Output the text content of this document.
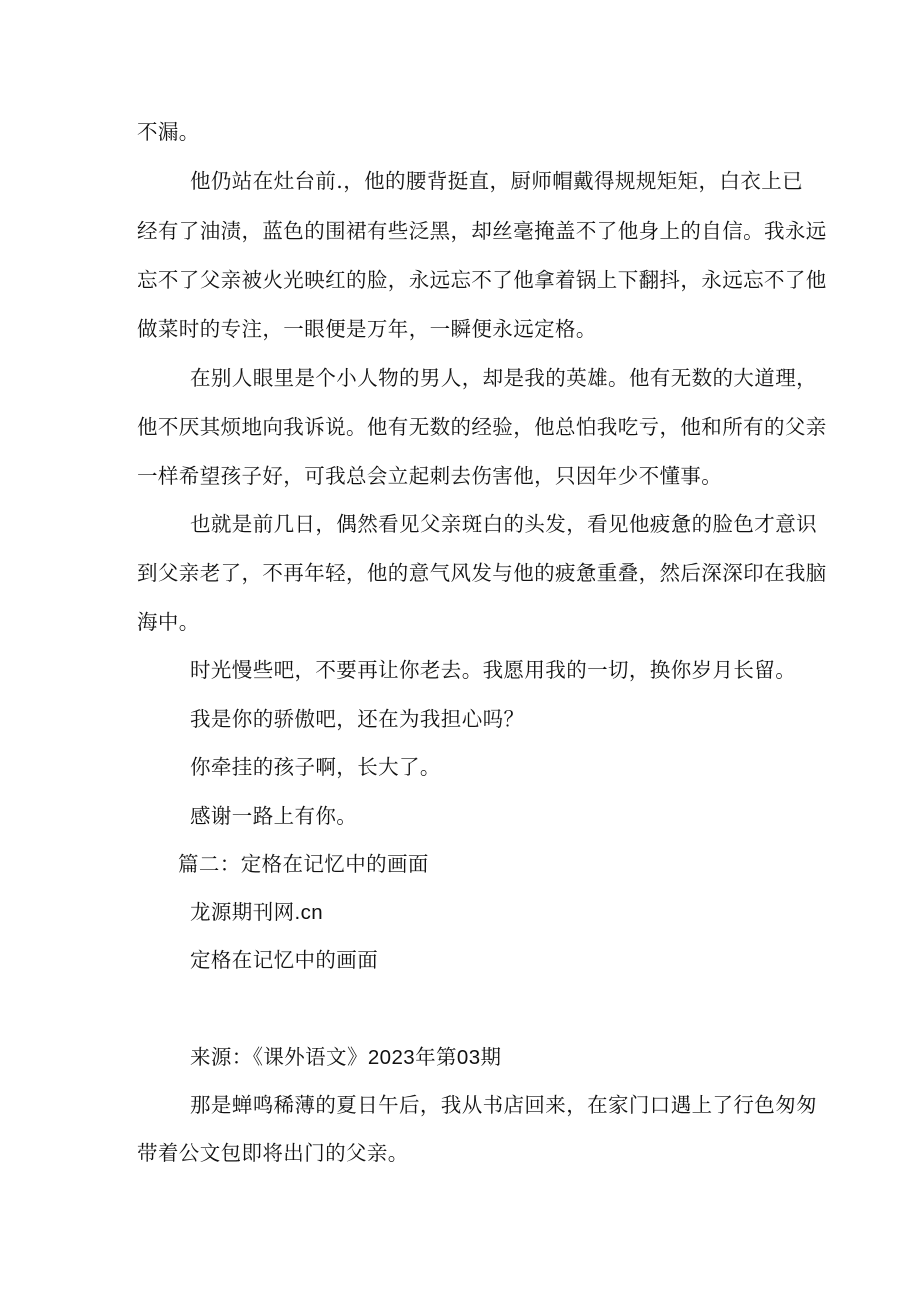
不漏。
他仍站在灶台前.，他的腰背挺直，厨师帽戴得规规矩矩，白衣上已
经有了油渍，蓝色的围裙有些泛黑，却丝毫掩盖不了他身上的自信。我永远
忘不了父亲被火光映红的脸，永远忘不了他拿着锅上下翻抖，永远忘不了他
做菜时的专注，一眼便是万年，一瞬便永远定格。
在别人眼里是个小人物的男人，却是我的英雄。他有无数的大道理，
他不厌其烦地向我诉说。他有无数的经验，他总怕我吃亏，他和所有的父亲
一样希望孩子好，可我总会立起刺去伤害他，只因年少不懂事。
也就是前几日，偶然看见父亲斑白的头发，看见他疲惫的脸色才意识
到父亲老了，不再年轻，他的意气风发与他的疲惫重叠，然后深深印在我脑
海中。
时光慢些吧，不要再让你老去。我愿用我的一切，换你岁月长留。
我是你的骄傲吧，还在为我担心吗？
你牵挂的孩子啊，长大了。
感谢一路上有你。
篇二：定格在记忆中的画面
龙源期刊网.cn
定格在记忆中的画面
来源：《课外语文》2023年第03期
那是蝉鸣稀薄的夏日午后，我从书店回来，在家门口遇上了行色匆匆
带着公文包即将出门的父亲。
